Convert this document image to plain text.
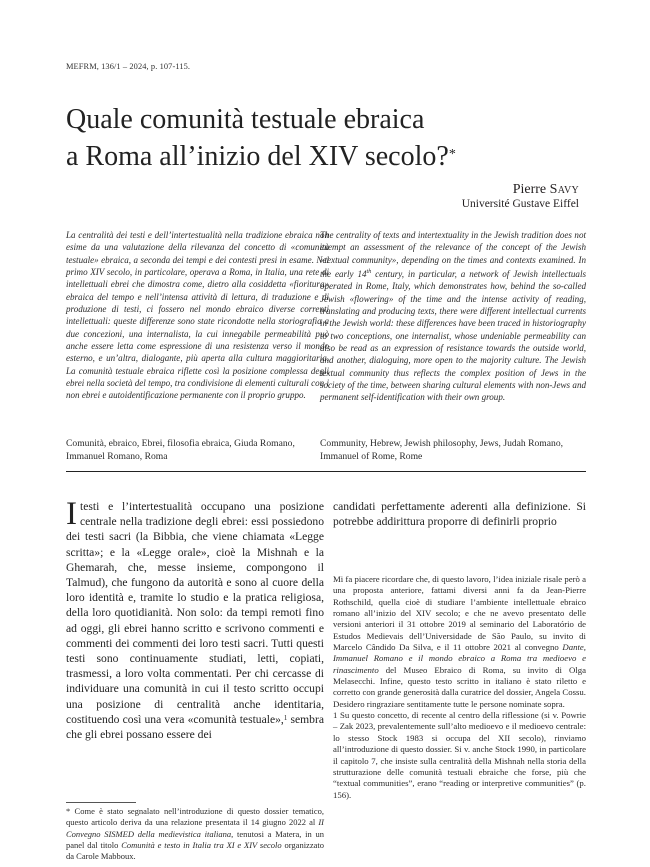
MEFRM, 136/1 – 2024, p. 107-115.
Quale comunità testuale ebraica
a Roma all’inizio del XIV secolo?*
Pierre Savy
Université Gustave Eiffel
La centralità dei testi e dell’intertestualità nella tradizione ebraica non esime da una valutazione della rilevanza del concetto di «comunità testuale» ebraica, a seconda dei tempi e dei contesti presi in esame. Nel primo XIV secolo, in particolare, operava a Roma, in Italia, una rete di intellettuali ebrei che dimostra come, dietro alla cosiddetta «fioritura» ebraica del tempo e nell’intensa attività di lettura, di traduzione e di produzione di testi, ci fossero nel mondo ebraico diverse correnti intellettuali: queste differenze sono state ricondotte nella storiografia a due concezioni, una internalista, la cui innegabile permeabilità può anche essere letta come espressione di una resistenza verso il mondo esterno, e un’altra, dialogante, più aperta alla cultura maggioritaria. La comunità testuale ebraica riflette così la posizione complessa degli ebrei nella società del tempo, tra condivisione di elementi culturali con i non ebrei e autoidentificazione permanente con il proprio gruppo.
The centrality of texts and intertextuality in the Jewish tradition does not exempt an assessment of the relevance of the concept of the Jewish «textual community», depending on the times and contexts examined. In the early 14th century, in particular, a network of Jewish intellectuals operated in Rome, Italy, which demonstrates how, behind the so-called Jewish «flowering» of the time and the intense activity of reading, translating and producing texts, there were different intellectual currents in the Jewish world: these differences have been traced in historiography to two conceptions, one internalist, whose undeniable permeability can also be read as an expression of resistance towards the outside world, and another, dialoguing, more open to the majority culture. The Jewish textual community thus reflects the complex position of Jews in the society of the time, between sharing cultural elements with non-Jews and permanent self-identification with their own group.
Comunità, ebraico, Ebrei, filosofia ebraica, Giuda Romano, Immanuel Romano, Roma
Community, Hebrew, Jewish philosophy, Jews, Judah Romano, Immanuel of Rome, Rome

Itesti e l’intertestualità occupano una posizione centrale nella tradizione degli ebrei: essi possiedono dei testi sacri (la Bibbia, che viene chiamata «Legge scritta»; e la «Legge orale», cioè la Mishnah e la Ghemarah, che, messe insieme, compongono il Talmud), che fungono da autorità e sono al cuore della loro identità e, tramite lo studio e la pratica religiosa, della loro quotidianità. Non solo: da tempi remoti fino ad oggi, gli ebrei hanno scritto e scrivono commenti e commenti dei commenti dei loro testi sacri. Tutti questi testi sono continuamente studiati, letti, copiati, trasmessi, a loro volta commentati. Per chi cercasse di individuare una comunità in cui il testo scritto occupi una posizione di centralità anche identitaria, costituendo così una vera «comunità testuale»,$^1$ sembra che gli ebrei possano essere dei

candidati perfettamente aderenti alla definizione. Si potrebbe addirittura proporre di definirli proprio

* Come è stato segnalato nell’introduzione di questo dossier tematico, questo articolo deriva da una relazione presentata il 14 giugno 2022 al II Convegno SISMED della medievistica italiana, tenutosi a Matera, in un panel dal titolo Comunità e testo in Italia tra XI e XIV secolo organizzato da Carole Mabboux.

Mi fa piacere ricordare che, di questo lavoro, l’idea iniziale risale però a una proposta anteriore, fattami diversi anni fa da Jean-Pierre Rothschild, quella cioè di studiare l’ambiente intellettuale ebraico romano all’inizio del XIV secolo; e che ne avevo presentato delle versioni anteriori il 31 ottobre 2019 al seminario del Laboratório de Estudos Medievais dell’Universidade de São Paulo, su invito di Marcelo Cândido Da Silva, e il 11 ottobre 2021 al convegno Dante, Immanuel Romano e il mondo ebraico a Roma tra medioevo e rinascimento del Museo Ebraico di Roma, su invito di Olga Melasecchi. Infine, questo testo scritto in italiano è stato riletto e corretto con grande generosità dalla curatrice del dossier, Angela Cossu. Desidero ringraziare sentitamente tutte le persone nominate sopra.

1 Su questo concetto, di recente al centro della riflessione (si v. Powrie – Zak 2023, prevalentemente sull’alto medioevo e il medioevo centrale: lo stesso Stock 1983 si occupa del XII secolo), rinviamo all’introduzione di questo dossier. Si v. anche Stock 1990, in particolare il capitolo 7, che insiste sulla centralità della Mishnah nella storia della strutturazione delle comunità testuali ebraiche che forse, più che “textual communities”, erano “reading or interpretive communities” (p. 156).
